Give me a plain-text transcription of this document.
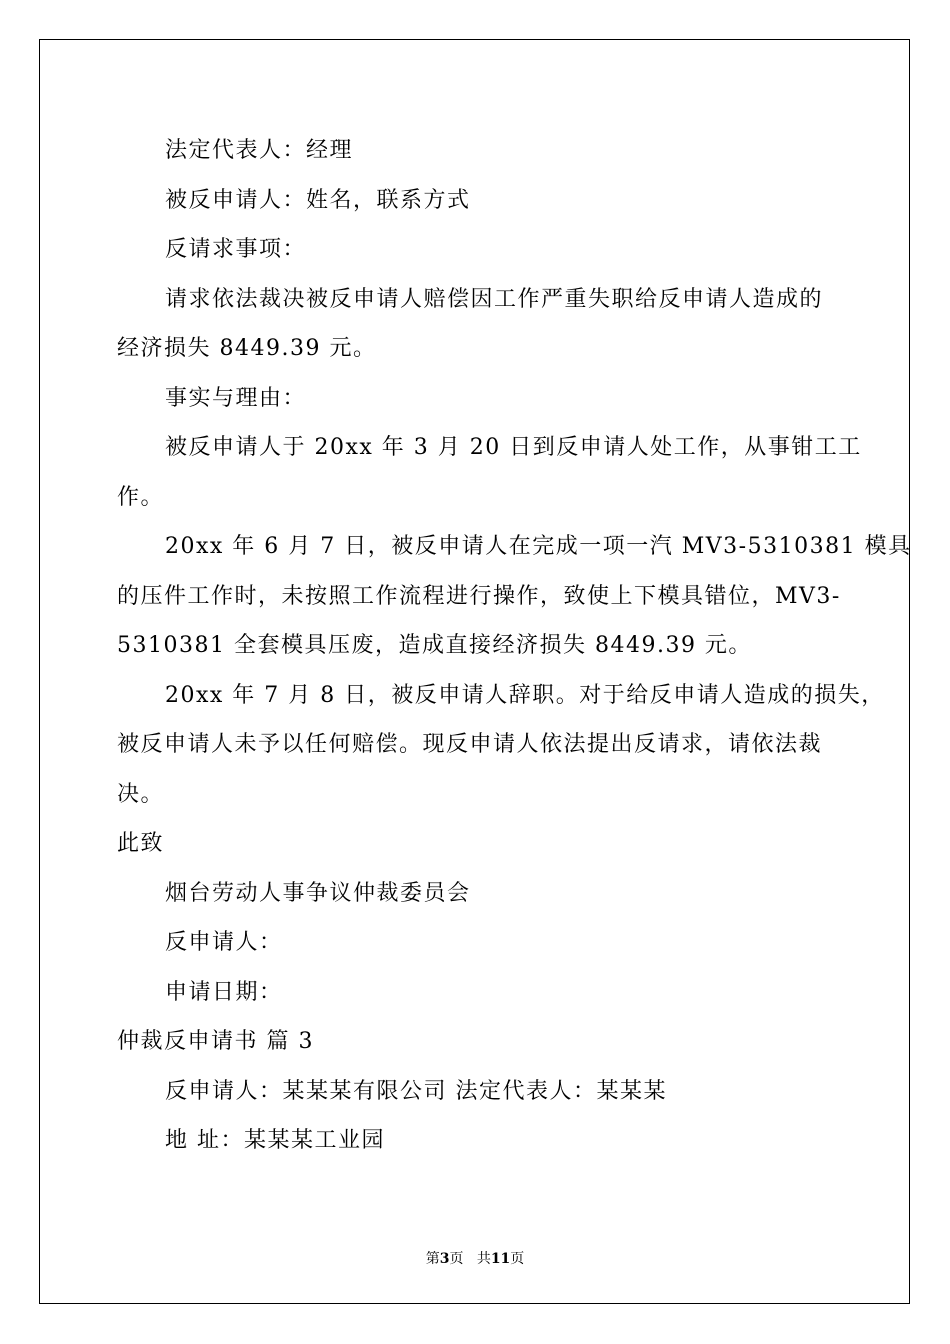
法定代表人：经理
被反申请人：姓名，联系方式
反请求事项：
请求依法裁决被反申请人赔偿因工作严重失职给反申请人造成的
经济损失 8449.39 元。
事实与理由：
被反申请人于 20xx 年 3 月 20 日到反申请人处工作，从事钳工工
作。
20xx 年 6 月 7 日，被反申请人在完成一项一汽 MV3-5310381 模具
的压件工作时，未按照工作流程进行操作，致使上下模具错位，MV3-
5310381 全套模具压废，造成直接经济损失 8449.39 元。
20xx 年 7 月 8 日，被反申请人辞职。对于给反申请人造成的损失，
被反申请人未予以任何赔偿。现反申请人依法提出反请求，请依法裁
决。
此致
烟台劳动人事争议仲裁委员会
反申请人：
申请日期：
仲裁反申请书 篇 3
反申请人：某某某有限公司 法定代表人：某某某
地 址：某某某工业园
第3页 共11页
